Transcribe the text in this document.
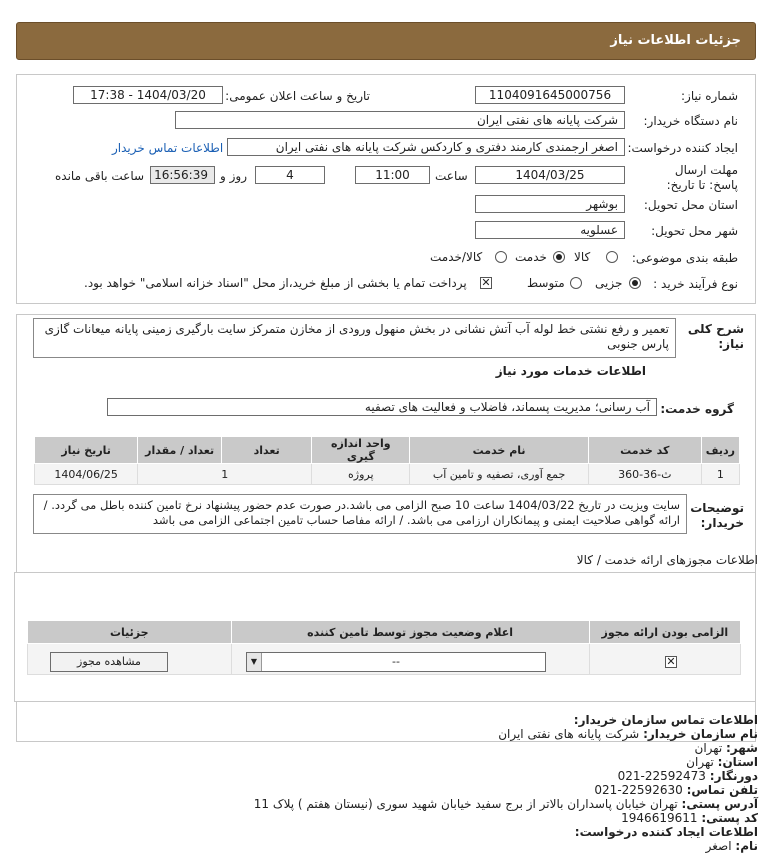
جزئیات اطلاعات نیاز
شماره نیاز:
1104091645000756
تاریخ و ساعت اعلان عمومی:
1404/03/20 - 17:38
نام دستگاه خریدار:
شرکت پایانه های نفتی ایران
ایجاد کننده درخواست:
اصغر ارجمندی کارمند دفتری و کاردکس شرکت پایانه های نفتی ایران
اطلاعات تماس خریدار
مهلت ارسال پاسخ: تا تاریخ:
1404/03/25
ساعت
11:00
4
روز و
16:56:39
ساعت باقی مانده
استان محل تحویل:
بوشهر
شهر محل تحویل:
عسلویه
طبقه بندی موضوعی:
کالا
خدمت
کالا/خدمت
نوع فرآیند خرید :
جزیی
متوسط
✕
پرداخت تمام یا بخشی از مبلغ خرید،از محل "اسناد خزانه اسلامی" خواهد بود.
شرح کلی نیاز:
تعمیر و رفع نشتی خط لوله آب آتش نشانی در بخش منهول ورودی از مخازن متمرکز سایت بارگیری زمینی پایانه میعانات گازی پارس جنوبی
اطلاعات خدمات مورد نیاز
گروه خدمت:
آب رسانی؛ مدیریت پسماند، فاضلاب و فعالیت های تصفیه
تاریخ نیاز	تعداد / مقدار	تعداد	واحد اندازه گیری	نام خدمت	کد خدمت	ردیف
1404/06/25	1		پروژه	جمع آوری، تصفیه و تامین آب	ث-36-360	1
توضیحات خریدار:
سایت ویزیت در تاریخ 1404/03/22 ساعت 10 صبح الزامی می باشد.در صورت عدم حضور پیشنهاد نرخ تامین کننده باطل می گردد. / ارائه گواهی صلاحیت ایمنی و پیمانکاران ارزامی می باشد. / ارائه مفاصا حساب تامین اجتماعی الزامی می باشد
اطلاعات مجوزهای ارائه خدمت / کالا
جزئیات	اعلام وضعیت مجوز توسط تامین کننده	الزامی بودن ارائه مجوز

مشاهده مجوز	▼	--	✕
اطلاعات تماس سازمان خریدار:
نام سازمان خریدار: شرکت پایانه های نفتی ایران
شهر: تهران
استان: تهران
دورنگار: 22592473-021
تلفن تماس: 22592630-021
آدرس پستی: تهران خیابان پاسداران بالاتر از برج سفید خیابان شهید سوری (نیستان هفتم ) پلاک 11
کد پستی: 1946619611
اطلاعات ایجاد کننده درخواست:
نام: اصغر
